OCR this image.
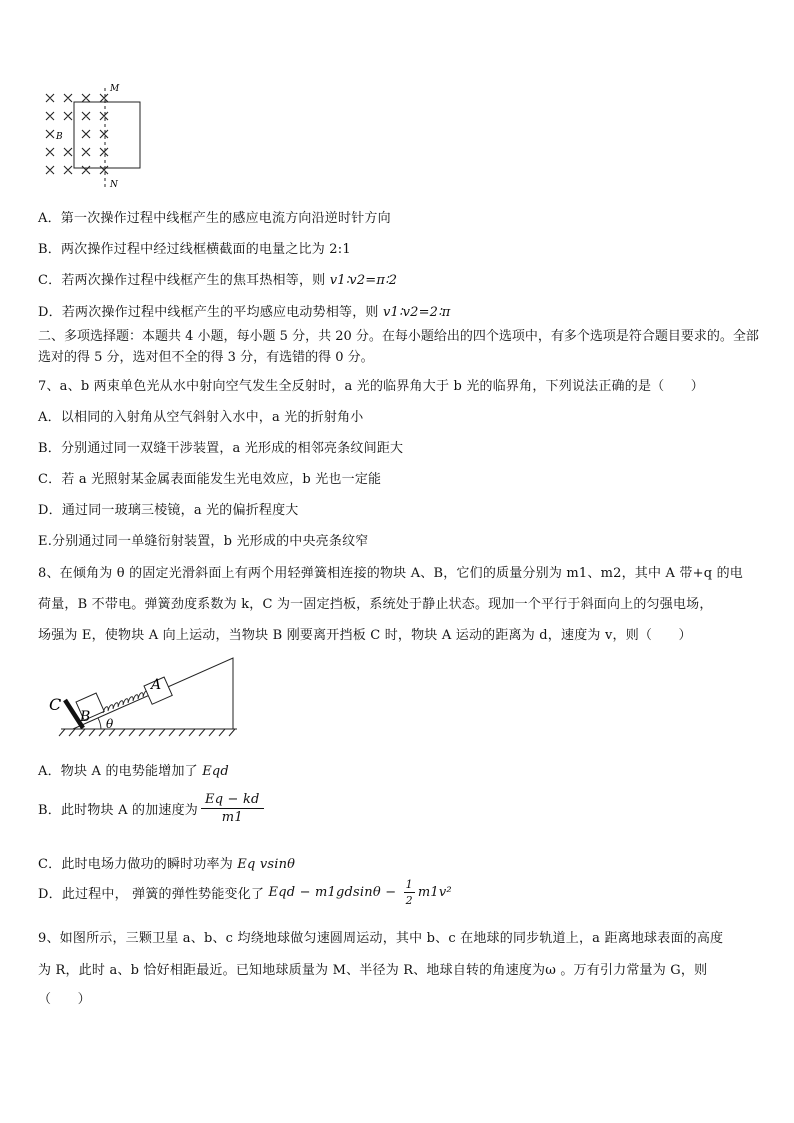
M
N
B
A．第一次操作过程中线框产生的感应电流方向沿逆时针方向
B．两次操作过程中经过线框横截面的电量之比为 2:1
C．若两次操作过程中线框产生的焦耳热相等，则 v1∶v2=π∶2
D．若两次操作过程中线框产生的平均感应电动势相等，则 v1∶v2=2∶π
二、多项选择题：本题共 4 小题，每小题 5 分，共 20 分。在每小题给出的四个选项中，有多个选项是符合题目要求的。全部选对的得 5 分，选对但不全的得 3 分，有选错的得 0 分。
7、a、b 两束单色光从水中射向空气发生全反射时，a 光的临界角大于 b 光的临界角，下列说法正确的是（　　）
A．以相同的入射角从空气斜射入水中，a 光的折射角小
B．分别通过同一双缝干涉装置，a 光形成的相邻亮条纹间距大
C．若 a 光照射某金属表面能发生光电效应，b 光也一定能
D．通过同一玻璃三棱镜，a 光的偏折程度大
E.分别通过同一单缝衍射装置，b 光形成的中央亮条纹窄
8、在倾角为 θ 的固定光滑斜面上有两个用轻弹簧相连接的物块 A、B，它们的质量分别为 m1、m2，其中 A 带+q 的电
荷量，B 不带电。弹簧劲度系数为 k，C 为一固定挡板，系统处于静止状态。现加一个平行于斜面向上的匀强电场，
场强为 E，使物块 A 向上运动，当物块 B 刚要离开挡板 C 时，物块 A 运动的距离为 d，速度为 v，则（　　）
C
B
A
θ
A．物块 A 的电势能增加了 Eqd
B．此时物块 A 的加速度为 $\frac{Eq - kd}{m1}$
C．此时电场力做功的瞬时功率为 Eq vsinθ
D．此过程中， 弹簧的弹性势能变化了 Eqd − $m1gdsin\theta - \frac{1}{2} m1v^2$
9、如图所示，三颗卫星 a、b、c 均绕地球做匀速圆周运动，其中 b、c 在地球的同步轨道上，a 距离地球表面的高度
为 R，此时 a、b 恰好相距最近。已知地球质量为 M、半径为 R、地球自转的角速度为ω 。万有引力常量为 G，则
（　　）
